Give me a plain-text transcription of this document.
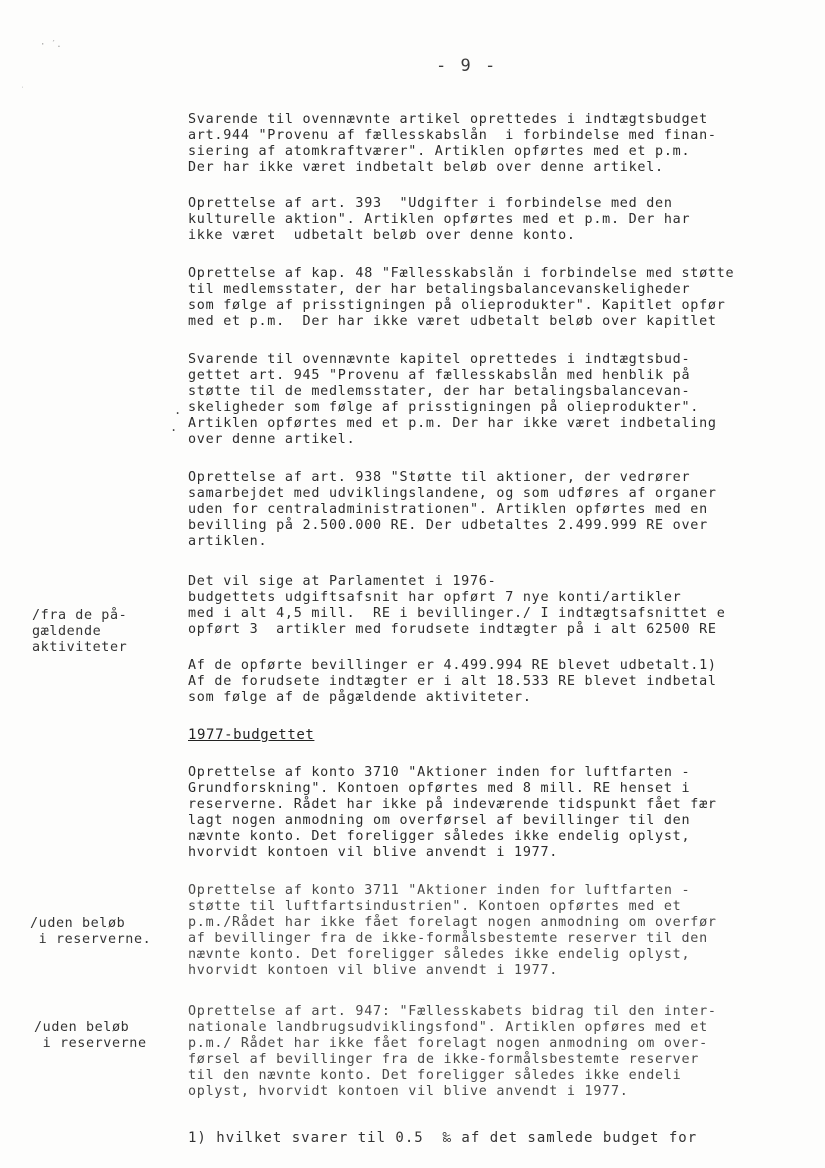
· ˊ.
˙
- 9 -
Svarende til ovennævnte artikel oprettedes i indtægtsbudget
art.944 "Provenu af fællesskabslån  i forbindelse med finan-
siering af atomkraftværer". Artiklen opførtes med et p.m.
Der har ikke været indbetalt beløb over denne artikel.
Oprettelse af art. 393  "Udgifter i forbindelse med den
kulturelle aktion". Artiklen opførtes med et p.m. Der har
ikke været  udbetalt beløb over denne konto.
Oprettelse af kap. 48 "Fællesskabslån i forbindelse med støtte
til medlemsstater, der har betalingsbalancevanskeligheder
som følge af prisstigningen på olieprodukter". Kapitlet opfør
med et p.m.  Der har ikke været udbetalt beløb over kapitlet
.
.
Svarende til ovennævnte kapitel oprettedes i indtægtsbud-
gettet art. 945 "Provenu af fællesskabslån med henblik på
støtte til de medlemsstater, der har betalingsbalancevan-
skeligheder som følge af prisstigningen på olieprodukter".
Artiklen opførtes med et p.m. Der har ikke været indbetaling
over denne artikel.
Oprettelse af art. 938 "Støtte til aktioner, der vedrører
samarbejdet med udviklingslandene, og som udføres af organer
uden for centraladministrationen". Artiklen opførtes med en
bevilling på 2.500.000 RE. Der udbetaltes 2.499.999 RE over
artiklen.
Det vil sige at Parlamentet i 1976-
budgettets udgiftsafsnit har opført 7 nye konti/artikler
med i alt 4,5 mill.  RE i bevillinger./ I indtægtsafsnittet e
opført 3  artikler med forudsete indtægter på i alt 62500 RE
/fra de på-
gældende
aktiviteter
Af de opførte bevillinger er 4.499.994 RE blevet udbetalt.1)
Af de forudsete indtægter er i alt 18.533 RE blevet indbetal
som følge af de pågældende aktiviteter.
1977-budgettet
Oprettelse af konto 3710 "Aktioner inden for luftfarten -
Grundforskning". Kontoen opførtes med 8 mill. RE henset i
reserverne. Rådet har ikke på indeværende tidspunkt fået fær
lagt nogen anmodning om overførsel af bevillinger til den
nævnte konto. Det foreligger således ikke endelig oplyst,
hvorvidt kontoen vil blive anvendt i 1977.
Oprettelse af konto 3711 "Aktioner inden for luftfarten -
støtte til luftfartsindustrien". Kontoen opførtes med et
p.m./Rådet har ikke fået forelagt nogen anmodning om overfør
af bevillinger fra de ikke-formålsbestemte reserver til den
nævnte konto. Det foreligger således ikke endelig oplyst,
hvorvidt kontoen vil blive anvendt i 1977.
/uden beløb
i reserverne.
Oprettelse af art. 947: "Fællesskabets bidrag til den inter-
nationale landbrugsudviklingsfond". Artiklen opføres med et
p.m./ Rådet har ikke fået forelagt nogen anmodning om over-
førsel af bevillinger fra de ikke-formålsbestemte reserver
til den nævnte konto. Det foreligger således ikke endeli
oplyst, hvorvidt kontoen vil blive anvendt i 1977.
/uden beløb
i reserverne
1) hvilket svarer til 0.5  ‰ af det samlede budget for
